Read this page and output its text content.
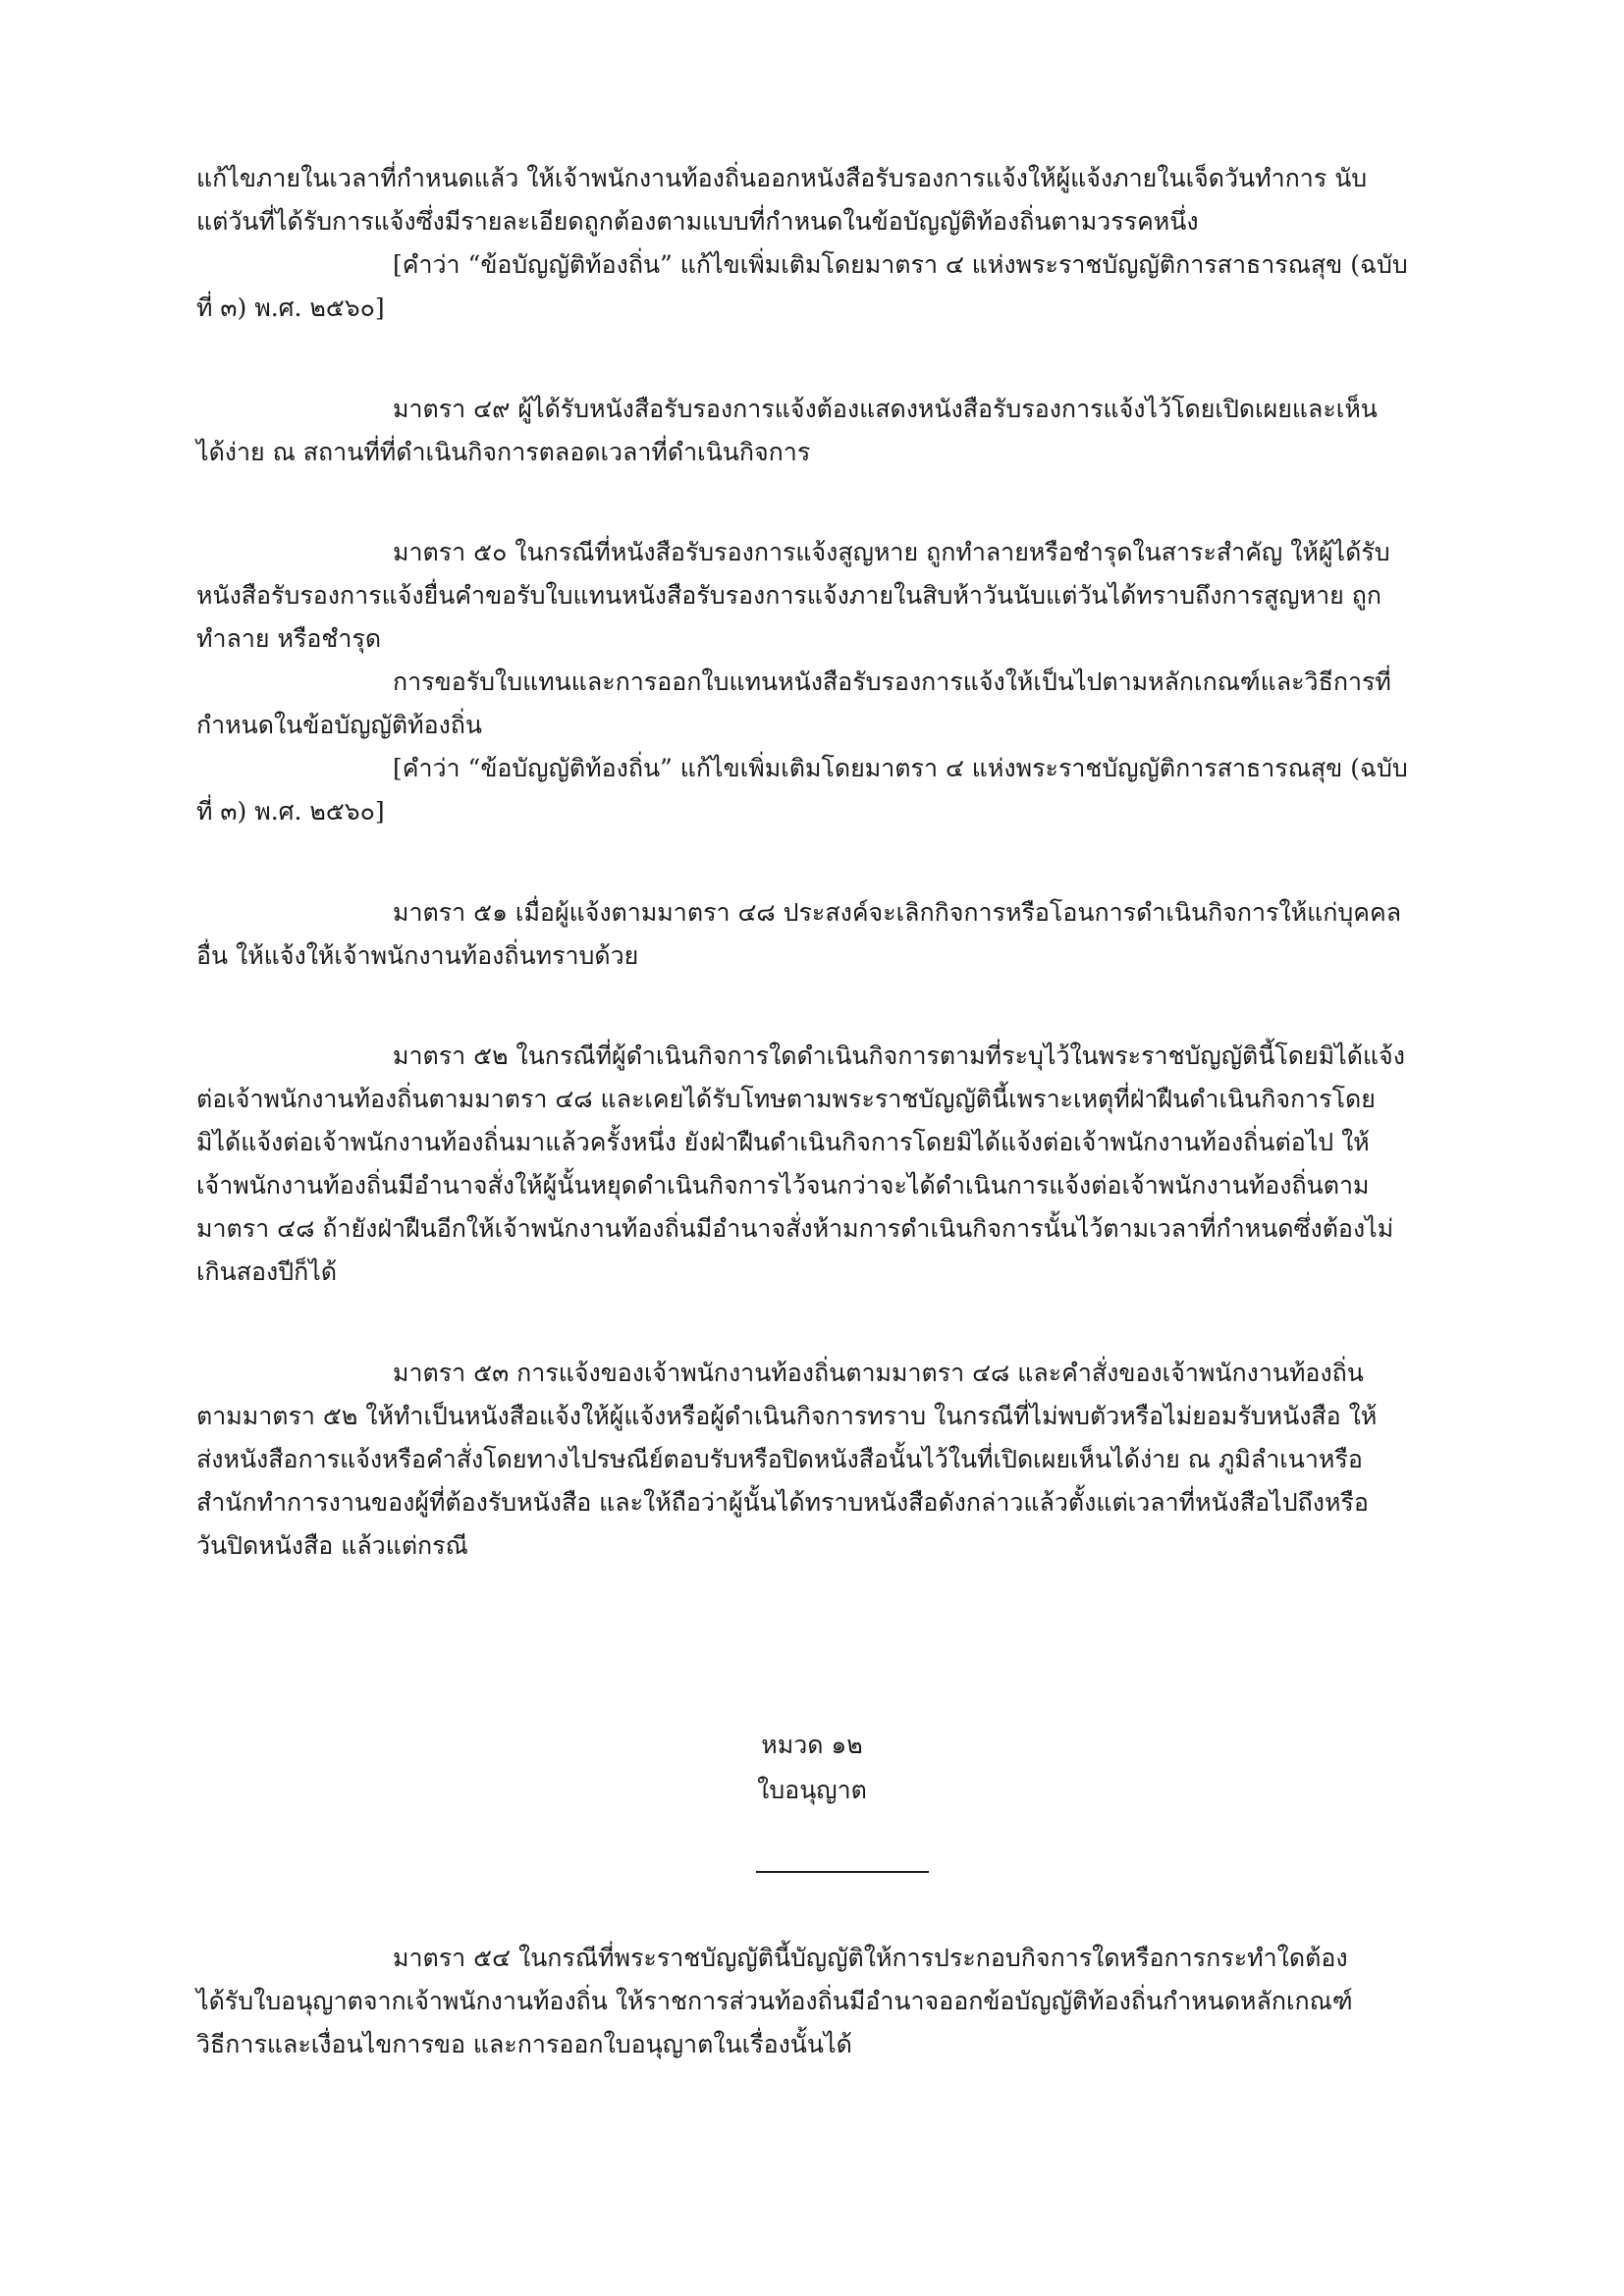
แก้ไขภายในเวลาที่กำหนดแล้ว ให้เจ้าพนักงานท้องถิ่นออกหนังสือรับรองการแจ้งให้ผู้แจ้งภายในเจ็ดวันทำการ นับ
แต่วันที่ได้รับการแจ้งซึ่งมีรายละเอียดถูกต้องตามแบบที่กำหนดในข้อบัญญัติท้องถิ่นตามวรรคหนึ่ง
[คำว่า “ข้อบัญญัติท้องถิ่น” แก้ไขเพิ่มเติมโดยมาตรา ๔ แห่งพระราชบัญญัติการสาธารณสุข (ฉบับ
ที่ ๓) พ.ศ. ๒๕๖๐]
มาตรา ๔๙ ผู้ได้รับหนังสือรับรองการแจ้งต้องแสดงหนังสือรับรองการแจ้งไว้โดยเปิดเผยและเห็น
ได้ง่าย ณ สถานที่ที่ดำเนินกิจการตลอดเวลาที่ดำเนินกิจการ
มาตรา ๕๐ ในกรณีที่หนังสือรับรองการแจ้งสูญหาย ถูกทำลายหรือชำรุดในสาระสำคัญ ให้ผู้ได้รับ
หนังสือรับรองการแจ้งยื่นคำขอรับใบแทนหนังสือรับรองการแจ้งภายในสิบห้าวันนับแต่วันได้ทราบถึงการสูญหาย ถูก
ทำลาย หรือชำรุด
การขอรับใบแทนและการออกใบแทนหนังสือรับรองการแจ้งให้เป็นไปตามหลักเกณฑ์และวิธีการที่
กำหนดในข้อบัญญัติท้องถิ่น
[คำว่า “ข้อบัญญัติท้องถิ่น” แก้ไขเพิ่มเติมโดยมาตรา ๔ แห่งพระราชบัญญัติการสาธารณสุข (ฉบับ
ที่ ๓) พ.ศ. ๒๕๖๐]
มาตรา ๕๑ เมื่อผู้แจ้งตามมาตรา ๔๘ ประสงค์จะเลิกกิจการหรือโอนการดำเนินกิจการให้แก่บุคคล
อื่น ให้แจ้งให้เจ้าพนักงานท้องถิ่นทราบด้วย
มาตรา ๕๒ ในกรณีที่ผู้ดำเนินกิจการใดดำเนินกิจการตามที่ระบุไว้ในพระราชบัญญัตินี้โดยมิได้แจ้ง
ต่อเจ้าพนักงานท้องถิ่นตามมาตรา ๔๘ และเคยได้รับโทษตามพระราชบัญญัตินี้เพราะเหตุที่ฝ่าฝืนดำเนินกิจการโดย
มิได้แจ้งต่อเจ้าพนักงานท้องถิ่นมาแล้วครั้งหนึ่ง ยังฝ่าฝืนดำเนินกิจการโดยมิได้แจ้งต่อเจ้าพนักงานท้องถิ่นต่อไป ให้
เจ้าพนักงานท้องถิ่นมีอำนาจสั่งให้ผู้นั้นหยุดดำเนินกิจการไว้จนกว่าจะได้ดำเนินการแจ้งต่อเจ้าพนักงานท้องถิ่นตาม
มาตรา ๔๘ ถ้ายังฝ่าฝืนอีกให้เจ้าพนักงานท้องถิ่นมีอำนาจสั่งห้ามการดำเนินกิจการนั้นไว้ตามเวลาที่กำหนดซึ่งต้องไม่
เกินสองปีก็ได้
มาตรา ๕๓ การแจ้งของเจ้าพนักงานท้องถิ่นตามมาตรา ๔๘ และคำสั่งของเจ้าพนักงานท้องถิ่น
ตามมาตรา ๕๒ ให้ทำเป็นหนังสือแจ้งให้ผู้แจ้งหรือผู้ดำเนินกิจการทราบ ในกรณีที่ไม่พบตัวหรือไม่ยอมรับหนังสือ ให้
ส่งหนังสือการแจ้งหรือคำสั่งโดยทางไปรษณีย์ตอบรับหรือปิดหนังสือนั้นไว้ในที่เปิดเผยเห็นได้ง่าย ณ ภูมิลำเนาหรือ
สำนักทำการงานของผู้ที่ต้องรับหนังสือ และให้ถือว่าผู้นั้นได้ทราบหนังสือดังกล่าวแล้วตั้งแต่เวลาที่หนังสือไปถึงหรือ
วันปิดหนังสือ แล้วแต่กรณี
หมวด ๑๒
ใบอนุญาต
มาตรา ๕๔ ในกรณีที่พระราชบัญญัตินี้บัญญัติให้การประกอบกิจการใดหรือการกระทำใดต้อง
ได้รับใบอนุญาตจากเจ้าพนักงานท้องถิ่น ให้ราชการส่วนท้องถิ่นมีอำนาจออกข้อบัญญัติท้องถิ่นกำหนดหลักเกณฑ์
วิธีการและเงื่อนไขการขอ และการออกใบอนุญาตในเรื่องนั้นได้
